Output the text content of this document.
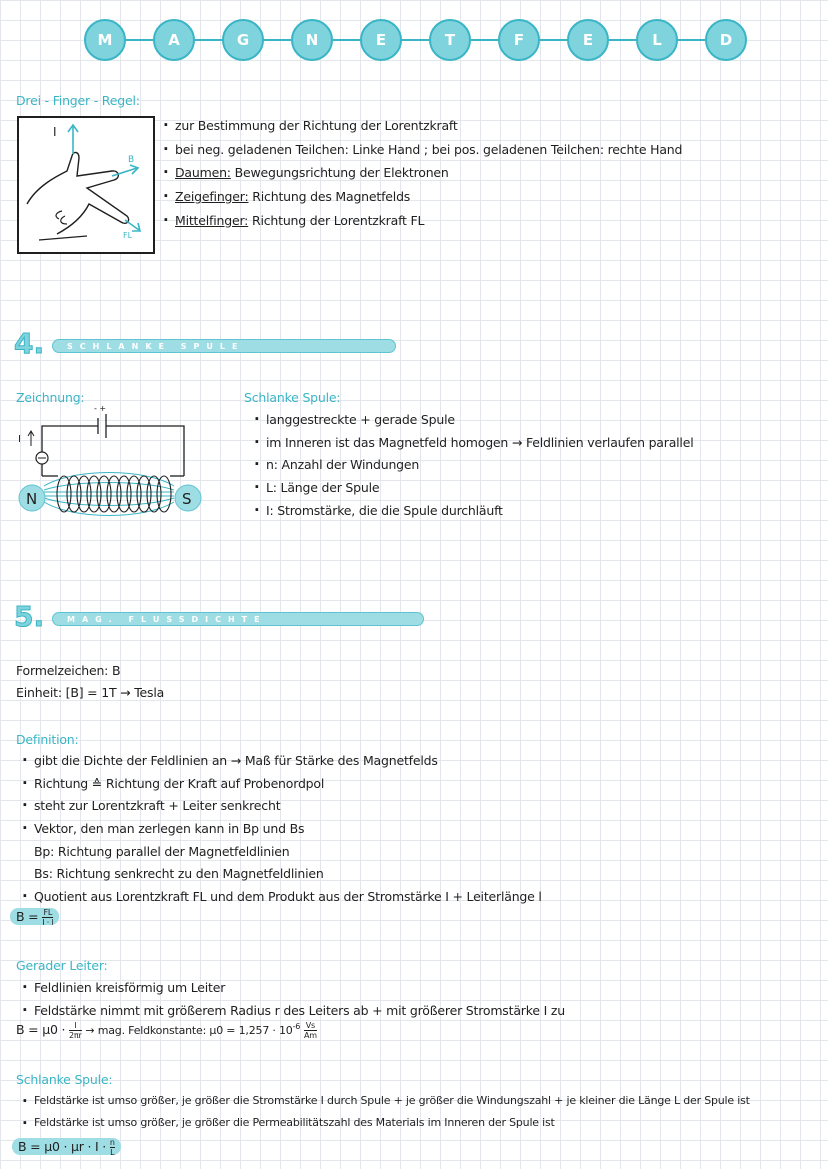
M	A	G	N	E	T	F	E	L	D
Drei - Finger - Regel:
I
B
FL
· zur Bestimmung der Richtung der Lorentzkraft
· bei neg. geladenen Teilchen: Linke Hand ; bei pos. geladenen Teilchen: rechte Hand
· Daumen: Bewegungsrichtung der Elektronen
· Zeigefinger: Richtung des Magnetfelds
· Mittelfinger: Richtung der Lorentzkraft FL
4.	SCHLANKE SPULE
Zeichnung:
- +
I
N	S
Schlanke Spule:
· langgestreckte + gerade Spule
· im Inneren ist das Magnetfeld homogen → Feldlinien verlaufen parallel
· n: Anzahl der Windungen
· L: Länge der Spule
· I: Stromstärke, die die Spule durchläuft
5.	MAG. FLUSSDICHTE
Formelzeichen: B
Einheit: [B] = 1T → Tesla
Definition:
· gibt die Dichte der Feldlinien an → Maß für Stärke des Magnetfelds
· Richtung ≙ Richtung der Kraft auf Probenordpol
· steht zur Lorentzkraft + Leiter senkrecht
· Vektor, den man zerlegen kann in Bp und Bs
Bp: Richtung parallel der Magnetfeldlinien
Bs: Richtung senkrecht zu den Magnetfeldlinien
· Quotient aus Lorentzkraft FL und dem Produkt aus der Stromstärke I + Leiterlänge l
$B = \frac{FL}{I \cdot l}$
Gerader Leiter:
· Feldlinien kreisförmig um Leiter
· Feldstärke nimmt mit größerem Radius r des Leiters ab + mit größerer Stromstärke I zu
$B = \mu 0 \cdot \frac{I}{2\pi r}$ → mag. Feldkonstante: $\mu 0 = 1,257 \cdot 10^{-6} \frac{Vs}{Am}$
Schlanke Spule:
· Feldstärke ist umso größer, je größer die Stromstärke I durch Spule + je größer die Windungszahl + je kleiner die Länge L der Spule ist
· Feldstärke ist umso größer, je größer die Permeabilitätszahl des Materials im Inneren der Spule ist
$B = \mu 0 \cdot \mu r \cdot I \cdot \frac{n}{L}$
